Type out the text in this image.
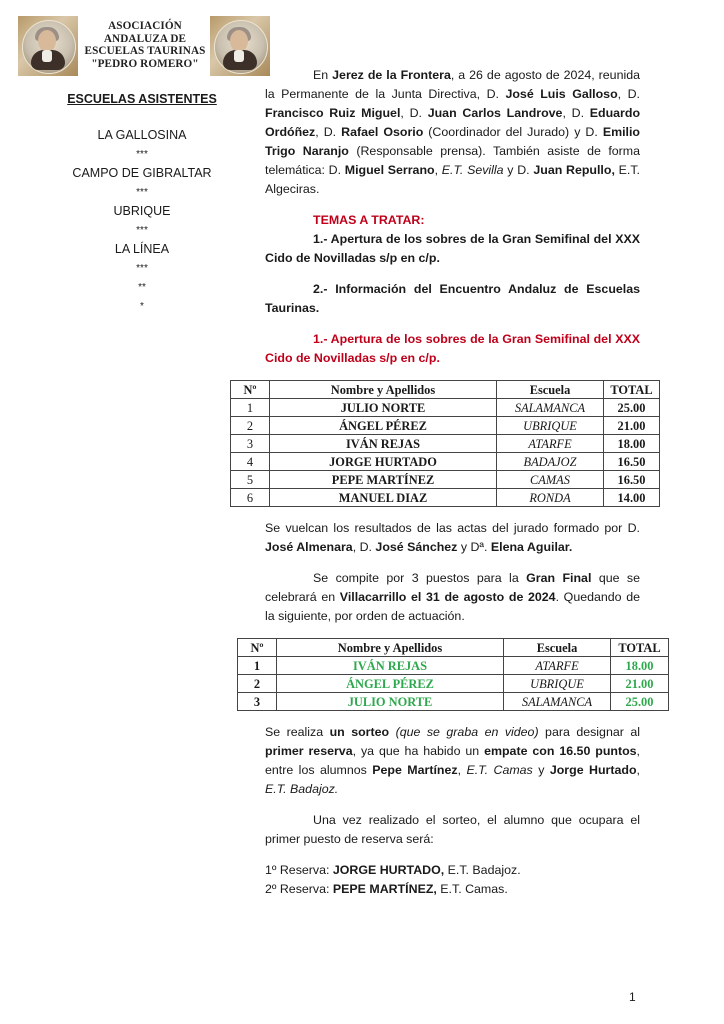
ASOCIACIÓN
ANDALUZA DE
ESCUELAS TAURINAS
"PEDRO ROMERO"
ESCUELAS ASISTENTES
LA GALLOSINA
***
CAMPO DE GIBRALTAR
***
UBRIQUE
***
LA LÍNEA
***
**
*

En Jerez de la Frontera, a 26 de agosto de 2024, reunida la Permanente de la Junta Directiva, D. José Luis Galloso, D. Francisco Ruiz Miguel, D. Juan Carlos Landrove, D. Eduardo Ordóñez, D. Rafael Osorio (Coordinador del Jurado) y D. Emilio Trigo Naranjo (Responsable prensa). También asiste de forma telemática: D. Miguel Serrano, E.T. Sevilla y D. Juan Repullo, E.T. Algeciras.

TEMAS A TRATAR:

1.- Apertura de los sobres de la Gran Semifinal del XXX Cido de Novilladas s/p en c/p.

2.- Información del Encuentro Andaluz de Escuelas Taurinas.

1.- Apertura de los sobres de la Gran Semifinal del XXX Cido de Novilladas s/p en c/p.

Nº	Nombre y Apellidos	Escuela	TOTAL
1	JULIO NORTE	SALAMANCA	25.00
2	ÁNGEL PÉREZ	UBRIQUE	21.00
3	IVÁN REJAS	ATARFE	18.00
4	JORGE HURTADO	BADAJOZ	16.50
5	PEPE MARTÍNEZ	CAMAS	16.50
6	MANUEL DIAZ	RONDA	14.00

Se vuelcan los resultados de las actas del jurado formado por D. José Almenara, D. José Sánchez y Dª. Elena Aguilar.

Se compite por 3 puestos para la Gran Final que se celebrará en Villacarrillo el 31 de agosto de 2024. Quedando de la siguiente, por orden de actuación.

Nº	Nombre y Apellidos	Escuela	TOTAL
1	IVÁN REJAS	ATARFE	18.00
2	ÁNGEL PÉREZ	UBRIQUE	21.00
3	JULIO NORTE	SALAMANCA	25.00

Se realiza un sorteo (que se graba en video) para designar al primer reserva, ya que ha habido un empate con 16.50 puntos, entre los alumnos Pepe Martínez, E.T. Camas y Jorge Hurtado, E.T. Badajoz.

Una vez realizado el sorteo, el alumno que ocupara el primer puesto de reserva será:

1º Reserva: JORGE HURTADO, E.T. Badajoz.

2º Reserva: PEPE MARTÍNEZ, E.T. Camas.

1
